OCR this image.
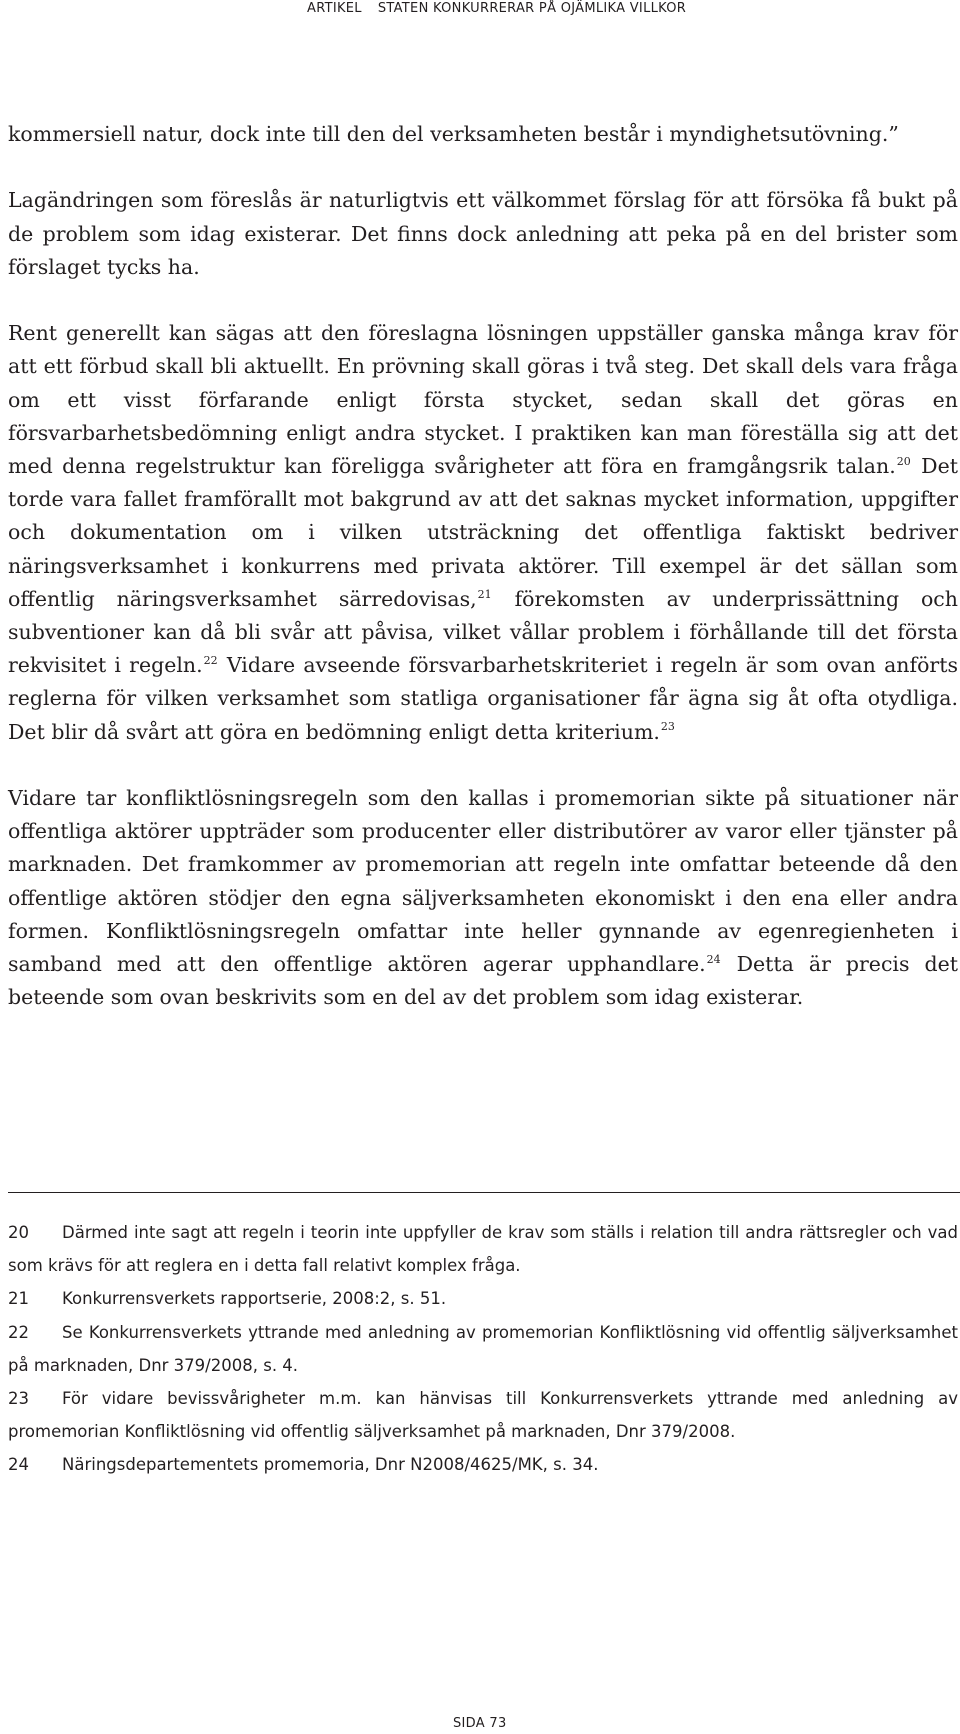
ARTIKEL STATEN KONKURRERAR PÅ OJÄMLIKA VILLKOR

kommersiell natur, dock inte till den del verksamheten består i myndighetsutövning.”

Lagändringen som föreslås är naturligtvis ett välkommet förslag för att försöka få bukt på de problem som idag existerar. Det finns dock anledning att peka på en del brister som förslaget tycks ha.

Rent generellt kan sägas att den föreslagna lösningen uppställer ganska många krav för att ett förbud skall bli aktuellt. En prövning skall göras i två steg. Det skall dels vara fråga om ett visst förfarande enligt första stycket, sedan skall det göras en försvarbarhetsbedömning enligt andra stycket. I praktiken kan man föreställa sig att det med denna regelstruktur kan föreligga svårigheter att föra en framgångsrik talan.$^{20}$ Det torde vara fallet framförallt mot bakgrund av att det saknas mycket information, uppgifter och dokumentation om i vilken utsträckning det offentliga faktiskt bedriver näringsverksamhet i konkurrens med privata aktörer. Till exempel är det sällan som offentlig näringsverksamhet särredovisas,$^{21}$ förekomsten av underprissättning och subventioner kan då bli svår att påvisa, vilket vållar problem i förhållande till det första rekvisitet i regeln.$^{22}$ Vidare avseende försvarbarhetskriteriet i regeln är som ovan anförts reglerna för vilken verksamhet som statliga organisationer får ägna sig åt ofta otydliga. Det blir då svårt att göra en bedömning enligt detta kriterium.$^{23}$

Vidare tar konfliktlösningsregeln som den kallas i promemorian sikte på situationer när offentliga aktörer uppträder som producenter eller distributörer av varor eller tjänster på marknaden. Det framkommer av promemorian att regeln inte omfattar beteende då den offentlige aktören stödjer den egna säljverksamheten ekonomiskt i den ena eller andra formen. Konfliktlösningsregeln omfattar inte heller gynnande av egenregienheten i samband med att den offentlige aktören agerar upphandlare.$^{24}$ Detta är precis det beteende som ovan beskrivits som en del av det problem som idag existerar.

20 Därmed inte sagt att regeln i teorin inte uppfyller de krav som ställs i relation till andra rättsregler och vad som krävs för att reglera en i detta fall relativt komplex fråga.

21 Konkurrensverkets rapportserie, 2008:2, s. 51.

22 Se Konkurrensverkets yttrande med anledning av promemorian Konfliktlösning vid offentlig säljverksamhet på marknaden, Dnr 379/2008, s. 4.

23 För vidare bevissvårigheter m.m. kan hänvisas till Konkurrensverkets yttrande med anledning av promemorian Konfliktlösning vid offentlig säljverksamhet på marknaden, Dnr 379/2008.

24 Näringsdepartementets promemoria, Dnr N2008/4625/MK, s. 34.

SIDA 73
